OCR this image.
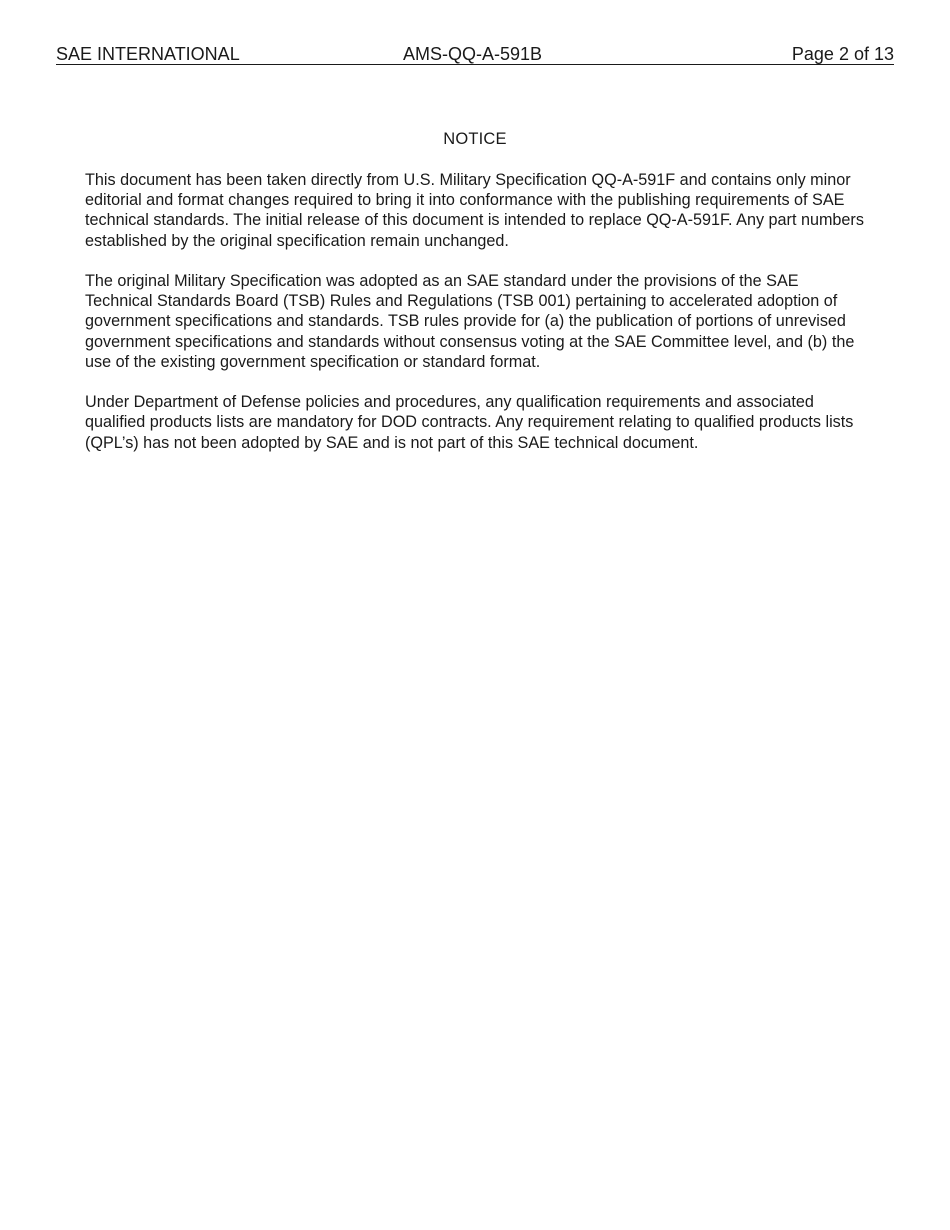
SAE INTERNATIONAL	AMS-QQ-A-591B	Page 2 of 13
NOTICE

This document has been taken directly from U.S. Military Specification QQ-A-591F and contains only minor editorial and format changes required to bring it into conformance with the publishing requirements of SAE technical standards. The initial release of this document is intended to replace QQ-A-591F. Any part numbers established by the original specification remain unchanged.

The original Military Specification was adopted as an SAE standard under the provisions of the SAE Technical Standards Board (TSB) Rules and Regulations (TSB 001) pertaining to accelerated adoption of government specifications and standards. TSB rules provide for (a) the publication of portions of unrevised government specifications and standards without consensus voting at the SAE Committee level, and (b) the use of the existing government specification or standard format.

Under Department of Defense policies and procedures, any qualification requirements and associated qualified products lists are mandatory for DOD contracts. Any requirement relating to qualified products lists (QPL’s) has not been adopted by SAE and is not part of this SAE technical document.
